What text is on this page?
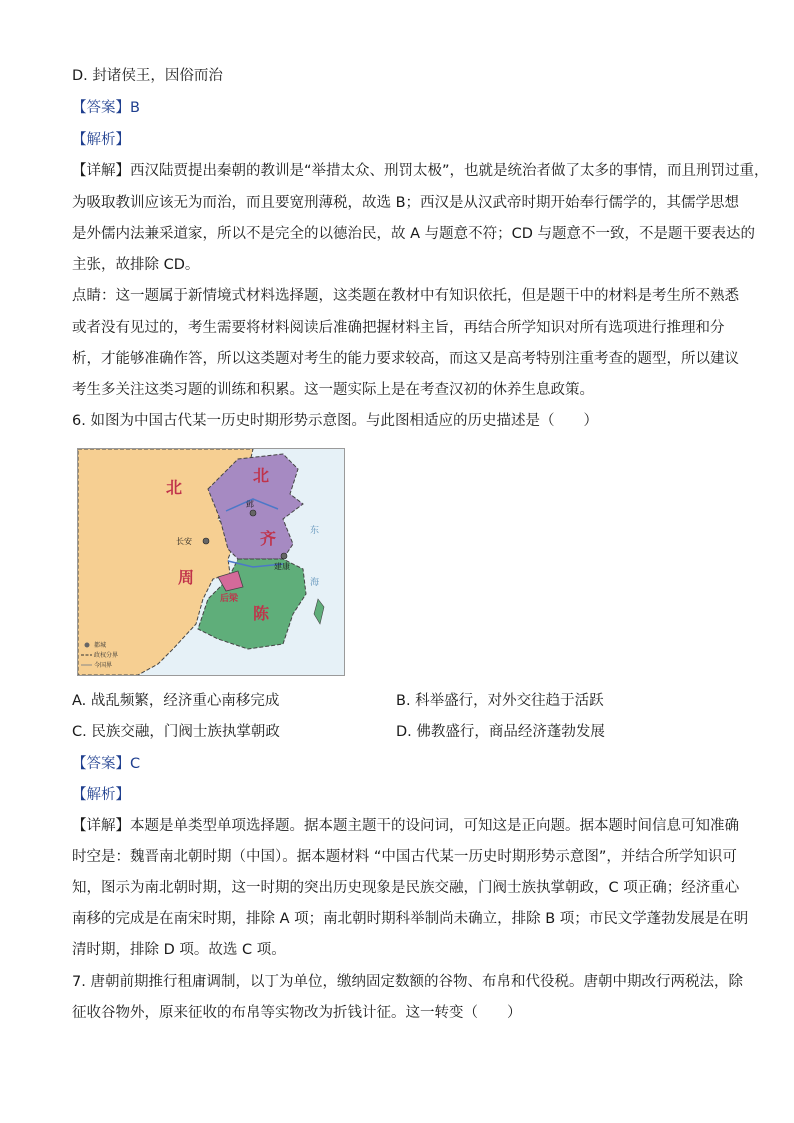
D. 封诸侯王，因俗而治
【答案】B
【解析】
【详解】西汉陆贾提出秦朝的教训是“举措太众、刑罚太极”，也就是统治者做了太多的事情，而且刑罚过重，
为吸取教训应该无为而治，而且要宽刑薄税，故选 B；西汉是从汉武帝时期开始奉行儒学的，其儒学思想
是外儒内法兼采道家，所以不是完全的以德治民，故 A 与题意不符；CD 与题意不一致，不是题干要表达的
主张，故排除 CD。
点睛：这一题属于新情境式材料选择题，这类题在教材中有知识依托，但是题干中的材料是考生所不熟悉
或者没有见过的，考生需要将材料阅读后准确把握材料主旨，再结合所学知识对所有选项进行推理和分
析，才能够准确作答，所以这类题对考生的能力要求较高，而这又是高考特别注重考查的题型，所以建议
考生多关注这类习题的训练和积累。这一题实际上是在考查汉初的休养生息政策。
6. 如图为中国古代某一历史时期形势示意图。与此图相适应的历史描述是（　　）
北
周
北
齐
陈
后梁
长安
邺
建康
东
海
都城
政权分界
今国界
A. 战乱频繁，经济重心南移完成	B. 科举盛行，对外交往趋于活跃
C. 民族交融，门阀士族执掌朝政	D. 佛教盛行，商品经济蓬勃发展
【答案】C
【解析】
【详解】本题是单类型单项选择题。据本题主题干的设问词，可知这是正向题。据本题时间信息可知准确
时空是：魏晋南北朝时期（中国）。据本题材料 “中国古代某一历史时期形势示意图”，并结合所学知识可
知，图示为南北朝时期，这一时期的突出历史现象是民族交融，门阀士族执掌朝政，C 项正确；经济重心
南移的完成是在南宋时期，排除 A 项；南北朝时期科举制尚未确立，排除 B 项；市民文学蓬勃发展是在明
清时期，排除 D 项。故选 C 项。
7. 唐朝前期推行租庸调制，以丁为单位，缴纳固定数额的谷物、布帛和代役税。唐朝中期改行两税法，除
征收谷物外，原来征收的布帛等实物改为折钱计征。这一转变（　　）
